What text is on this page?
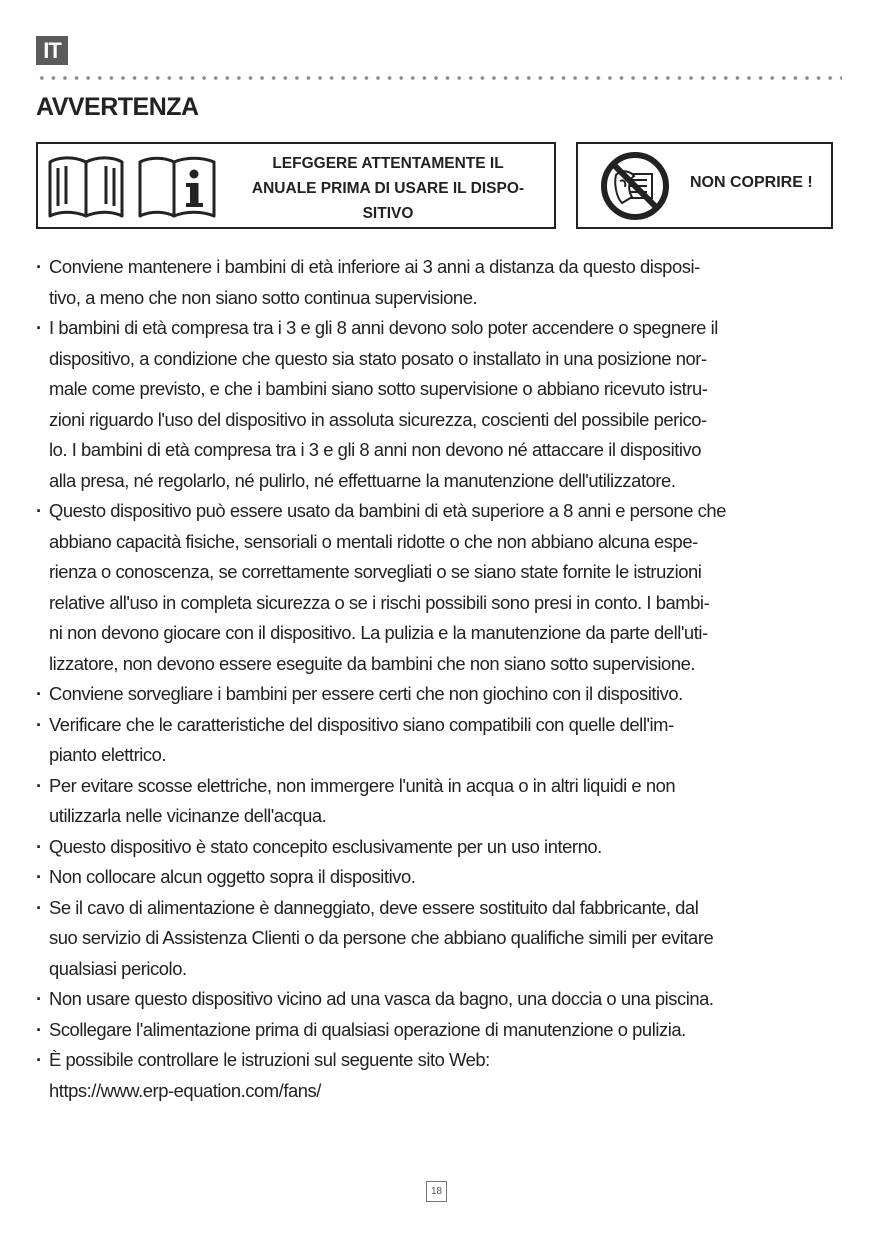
IT
AVVERTENZA
LEFGGERE ATTENTAMENTE IL
ANUALE PRIMA DI USARE IL DISPO-
SITIVO
NON COPRIRE !
· Conviene mantenere i bambini di età inferiore ai 3 anni a distanza da questo disposi-
tivo, a meno che non siano sotto continua supervisione.
· I bambini di età compresa tra i 3 e gli 8 anni devono solo poter accendere o spegnere il
dispositivo, a condizione che questo sia stato posato o installato in una posizione nor-
male come previsto, e che i bambini siano sotto supervisione o abbiano ricevuto istru-
zioni riguardo l'uso del dispositivo in assoluta sicurezza, coscienti del possibile perico-
lo. I bambini di età compresa tra i 3 e gli 8 anni non devono né attaccare il dispositivo
alla presa, né regolarlo, né pulirlo, né effettuarne la manutenzione dell'utilizzatore.
· Questo dispositivo può essere usato da bambini di età superiore a 8 anni e persone che
abbiano capacità fisiche, sensoriali o mentali ridotte o che non abbiano alcuna espe-
rienza o conoscenza, se correttamente sorvegliati o se siano state fornite le istruzioni
relative all'uso in completa sicurezza o se i rischi possibili sono presi in conto. I bambi-
ni non devono giocare con il dispositivo. La pulizia e la manutenzione da parte dell'uti-
lizzatore, non devono essere eseguite da bambini che non siano sotto supervisione.
· Conviene sorvegliare i bambini per essere certi che non giochino con il dispositivo.
· Verificare che le caratteristiche del dispositivo siano compatibili con quelle dell'im-
pianto elettrico.
· Per evitare scosse elettriche, non immergere l'unità in acqua o in altri liquidi e non
utilizzarla nelle vicinanze dell'acqua.
· Questo dispositivo è stato concepito esclusivamente per un uso interno.
· Non collocare alcun oggetto sopra il dispositivo.
· Se il cavo di alimentazione è danneggiato, deve essere sostituito dal fabbricante, dal
suo servizio di Assistenza Clienti o da persone che abbiano qualifiche simili per evitare
qualsiasi pericolo.
· Non usare questo dispositivo vicino ad una vasca da bagno, una doccia o una piscina.
· Scollegare l'alimentazione prima di qualsiasi operazione di manutenzione o pulizia.
· È possibile controllare le istruzioni sul seguente sito Web:
https://www.erp-equation.com/fans/
18
